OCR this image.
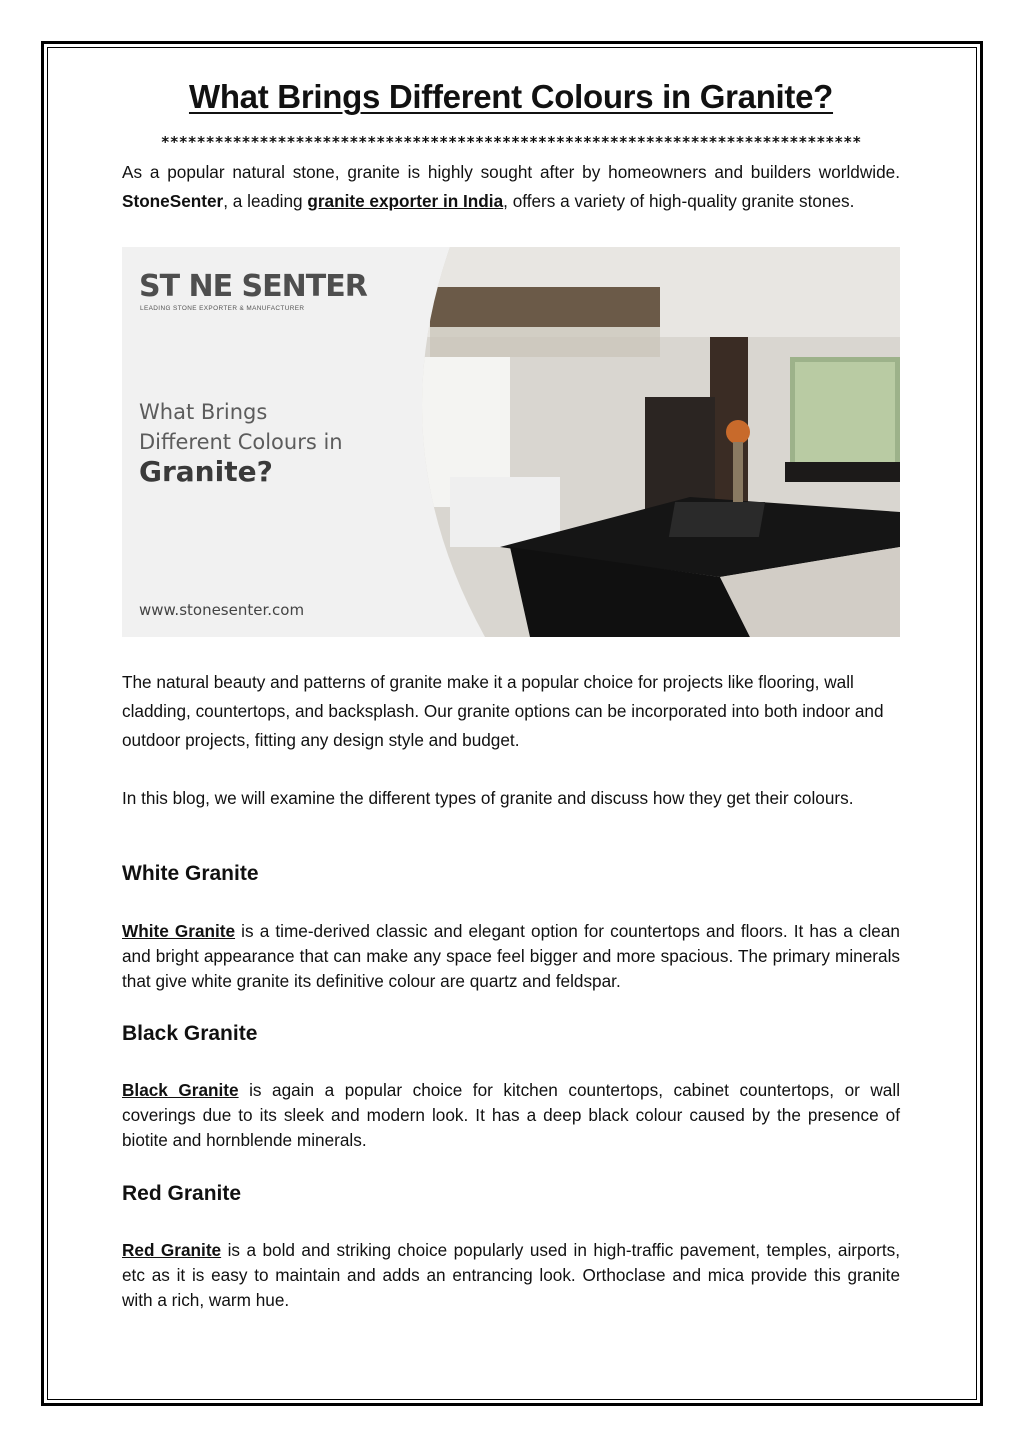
What Brings Different Colours in Granite?
******************************************************************************

As a popular natural stone, granite is highly sought after by homeowners and builders worldwide. StoneSenter, a leading granite exporter in India, offers a variety of high-quality granite stones.

ST NE SENTER
LEADING STONE EXPORTER & MANUFACTURER
What Brings
Different Colours in
Granite?
www.stonesenter.com

The natural beauty and patterns of granite make it a popular choice for projects like flooring, wall cladding, countertops, and backsplash. Our granite options can be incorporated into both indoor and outdoor projects, fitting any design style and budget.

In this blog, we will examine the different types of granite and discuss how they get their colours.

White Granite

White Granite is a time-derived classic and elegant option for countertops and floors. It has a clean and bright appearance that can make any space feel bigger and more spacious. The primary minerals that give white granite its definitive colour are quartz and feldspar.

Black Granite

Black Granite is again a popular choice for kitchen countertops, cabinet countertops, or wall coverings due to its sleek and modern look. It has a deep black colour caused by the presence of biotite and hornblende minerals.

Red Granite

Red Granite is a bold and striking choice popularly used in high-traffic pavement, temples, airports, etc as it is easy to maintain and adds an entrancing look. Orthoclase and mica provide this granite with a rich, warm hue.
